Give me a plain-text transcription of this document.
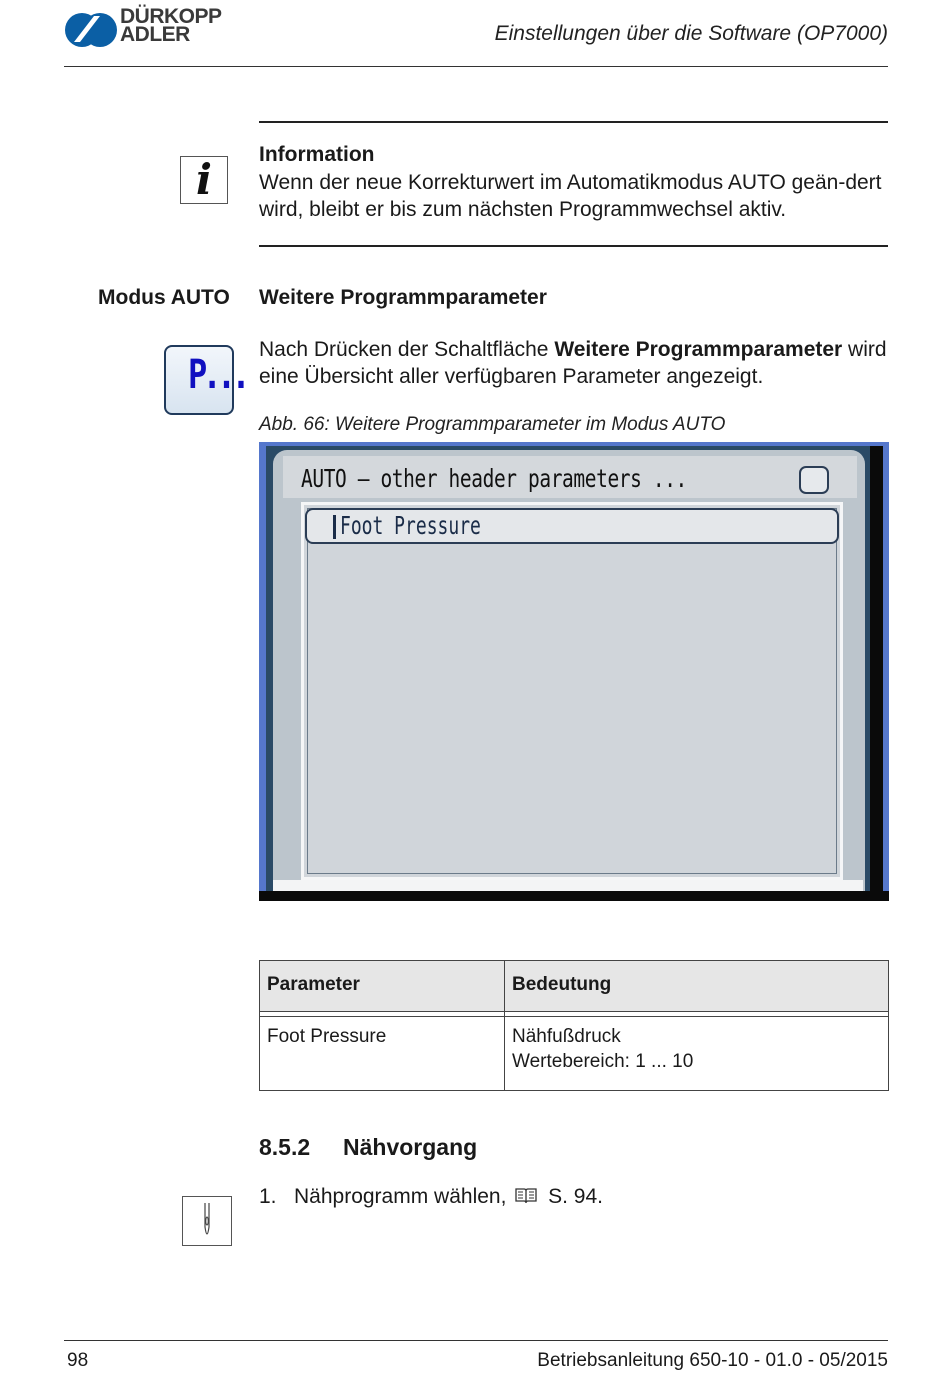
DÜRKOPP
ADLER	Einstellungen über die Software (OP7000)
i
Information
Wenn der neue Korrekturwert im Automatikmodus AUTO geän-dert wird, bleibt er bis zum nächsten Programmwechsel aktiv.
Modus AUTO Weitere Programmparameter
P...
Nach Drücken der Schaltfläche Weitere Programmparameter wird eine Übersicht aller verfügbaren Parameter angezeigt.
Abb. 66: Weitere Programmparameter im Modus AUTO
AUTO – other header parameters ...
Foot Pressure
Parameter	Bedeutung

Foot Pressure	Nähfußdruck
Wertebereich: 1 ... 10
8.5.2 Nähvorgang
1. Nähprogramm wählen, S. 94.
98	Betriebsanleitung 650-10 - 01.0 - 05/2015
